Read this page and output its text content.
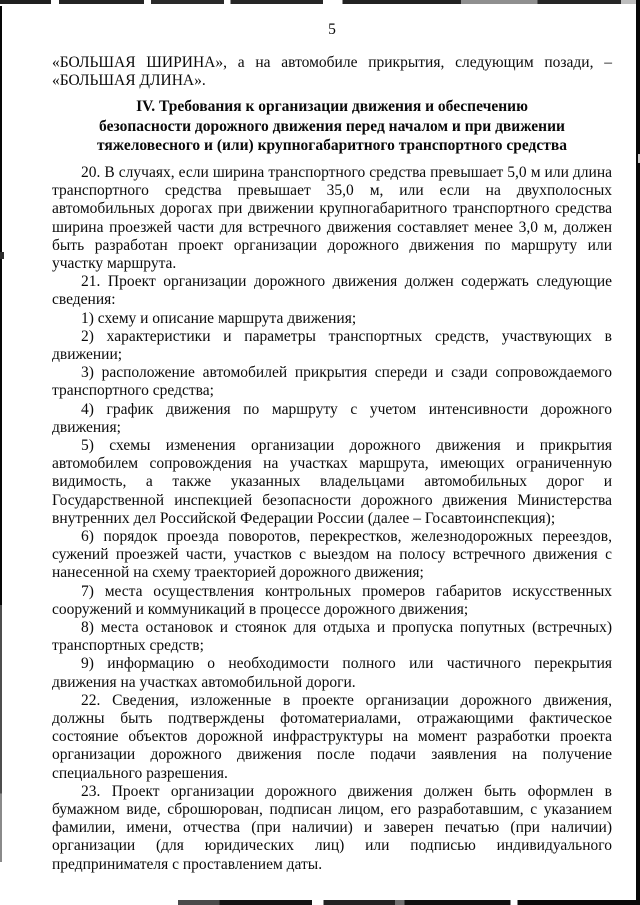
5

«БОЛЬШАЯ ШИРИНА», а на автомобиле прикрытия, следующим позади, – «БОЛЬШАЯ ДЛИНА».

IV. Требования к организации движения и обеспечению
безопасности дорожного движения перед началом и при движении
тяжеловесного и (или) крупногабаритного транспортного средства

20. В случаях, если ширина транспортного средства превышает 5,0 м или длина транспортного средства превышает 35,0 м, или если на двухполосных автомобильных дорогах при движении крупногабаритного транспортного средства ширина проезжей части для встречного движения составляет менее 3,0 м, должен быть разработан проект организации дорожного движения по маршруту или участку маршрута.

21. Проект организации дорожного движения должен содержать следующие сведения:

1) схему и описание маршрута движения;

2) характеристики и параметры транспортных средств, участвующих в движении;

3) расположение автомобилей прикрытия спереди и сзади сопровождаемого транспортного средства;

4) график движения по маршруту с учетом интенсивности дорожного движения;

5) схемы изменения организации дорожного движения и прикрытия автомобилем сопровождения на участках маршрута, имеющих ограниченную видимость, а также указанных владельцами автомобильных дорог и Государственной инспекцией безопасности дорожного движения Министерства внутренних дел Российской Федерации России (далее – Госавтоинспекция);

6) порядок проезда поворотов, перекрестков, железнодорожных переездов, сужений проезжей части, участков с выездом на полосу встречного движения с нанесенной на схему траекторией дорожного движения;

7) места осуществления контрольных промеров габаритов искусственных сооружений и коммуникаций в процессе дорожного движения;

8) места остановок и стоянок для отдыха и пропуска попутных (встречных) транспортных средств;

9) информацию о необходимости полного или частичного перекрытия движения на участках автомобильной дороги.

22. Сведения, изложенные в проекте организации дорожного движения, должны быть подтверждены фотоматериалами, отражающими фактическое состояние объектов дорожной инфраструктуры на момент разработки проекта организации дорожного движения после подачи заявления на получение специального разрешения.

23. Проект организации дорожного движения должен быть оформлен в бумажном виде, сброшюрован, подписан лицом, его разработавшим, с указанием фамилии, имени, отчества (при наличии) и заверен печатью (при наличии) организации (для юридических лиц) или подписью индивидуального предпринимателя с проставлением даты.
